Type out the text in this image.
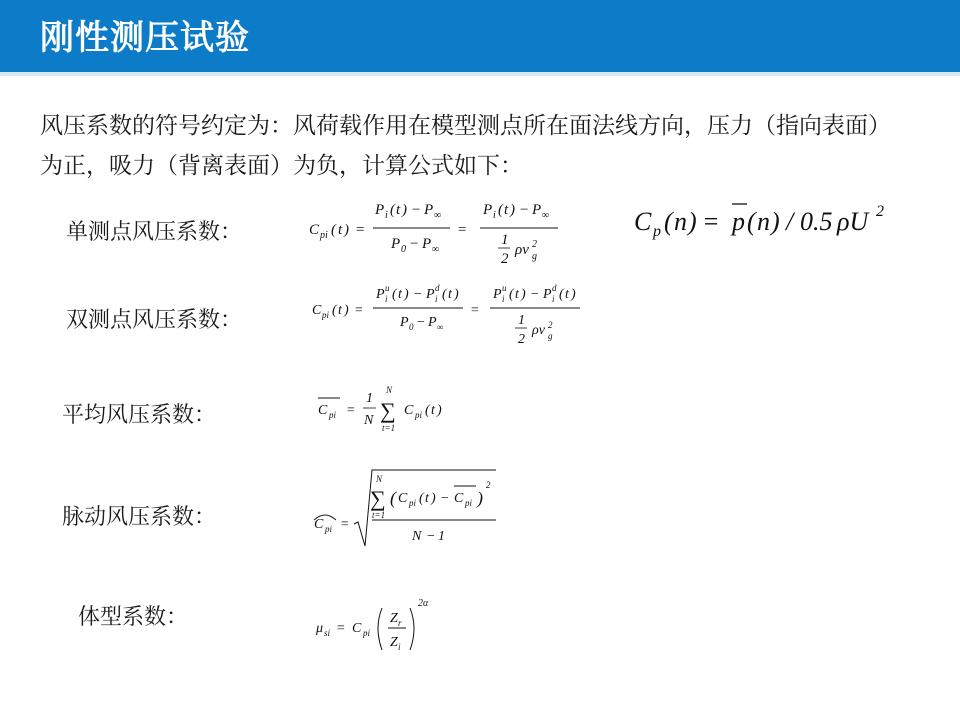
刚性测压试验
风压系数的符号约定为：风荷载作用在模型测点所在面法线方向，压力（指向表面）为正，吸力（背离表面）为负，计算公式如下：
单测点风压系数：
双测点风压系数：
平均风压系数：
脉动风压系数：
体型系数：
C pi ( t ) =
P i ( t ) − P ∞
P 0 − P ∞
=
P i ( t ) − P ∞
1
2
ρv 2
g
C p ( n ) = p ( n ) / 0.5 ρU 2
C pi ( t ) =
P u
i ( t ) − P d
i ( t )
P 0 − P ∞
=
P u
i ( t ) − P d
i ( t )
1
2
ρv 2
g
C pi =
1
N
N
∑
t=1
C pi ( t )
C pi =
N
∑
t=1
( C pi ( t ) − C pi )
2
N − 1
μ si = C pi
Z r
Z i
2α
